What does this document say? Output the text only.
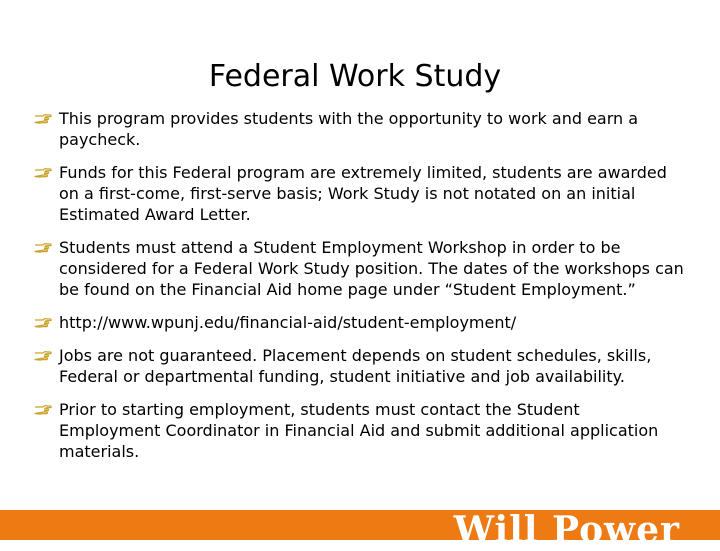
Federal Work Study
This program provides students with the opportunity to work and earn a paycheck.
Funds for this Federal program are extremely limited, students are awarded on a first-come, first-serve basis; Work Study is not notated on an initial Estimated Award Letter.
Students must attend a Student Employment Workshop in order to be considered for a Federal Work Study position. The dates of the workshops can be found on the Financial Aid home page under “Student Employment.”
http://www.wpunj.edu/financial-aid/student-employment/
Jobs are not guaranteed. Placement depends on student schedules, skills, Federal or departmental funding, student initiative and job availability.
Prior to starting employment, students must contact the Student Employment Coordinator in Financial Aid and submit additional application materials.
Will Power
